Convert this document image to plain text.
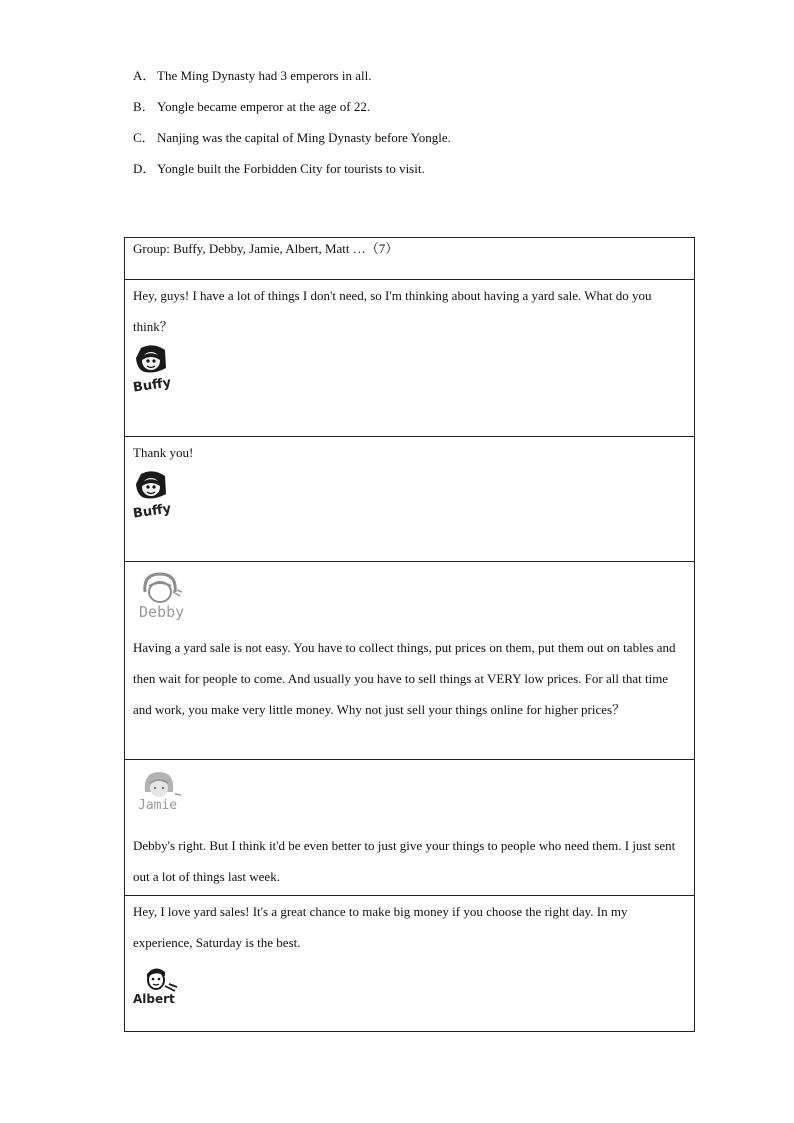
A． The Ming Dynasty had 3 emperors in all.
B． Yongle became emperor at the age of 22.
C． Nanjing was the capital of Ming Dynasty before Yongle.
D． Yongle built the Forbidden City for tourists to visit.
Group: Buffy, Debby, Jamie, Albert, Matt …（7）

Hey, guys! I have a lot of things I don't need, so I'm thinking about having a yard sale. What do you think？
Buffy

Thank you!
Buffy

Debby
Having a yard sale is not easy. You have to collect things, put prices on them, put them out on tables and then wait for people to come. And usually you have to sell things at VERY low prices. For all that time and work, you make very little money. Why not just sell your things online for higher prices？

Jamie
Debby's right. But I think it'd be even better to just give your things to people who need them. I just sent out a lot of things last week.

Hey, I love yard sales! It's a great chance to make big money if you choose the right day. In my experience, Saturday is the best.
Albert
